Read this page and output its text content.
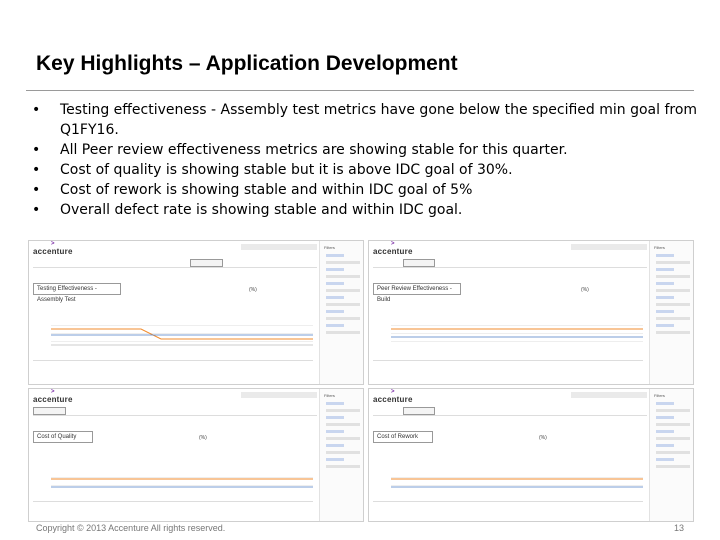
Key Highlights – Application Development
• Testing effectiveness - Assembly test metrics have gone below the specified min goal from Q1FY16.
• All Peer review effectiveness metrics are showing stable for this quarter.
• Cost of quality is showing stable but it is above IDC goal of 30%.
• Cost of rework is showing stable and within IDC goal of 5%
• Overall defect rate is showing stable and within IDC goal.
accenture >
Testing Effectiveness - Assembly Test
(%)
Filters	accenture >
Peer Review Effectiveness - Build
(%)
Filters
accenture >
Cost of Quality	(%)
Filters	accenture >
Cost of Rework	(%)
Filters
Copyright © 2013 Accenture All rights reserved.	13
